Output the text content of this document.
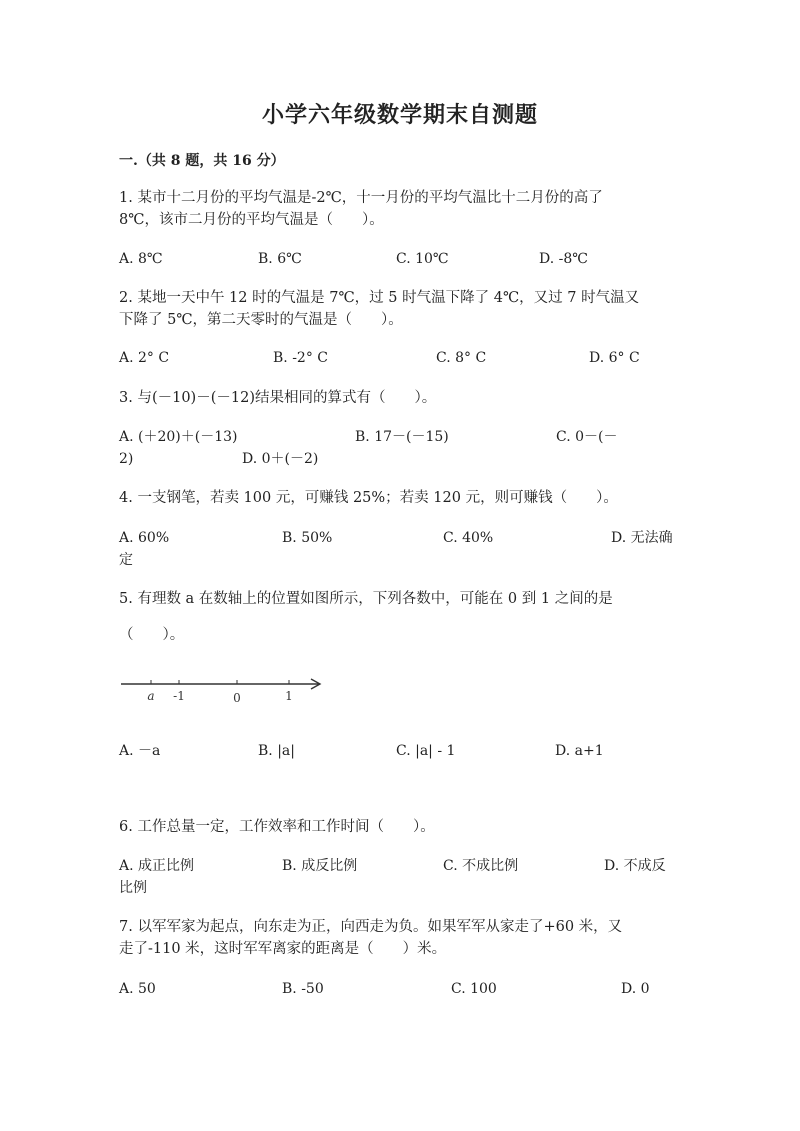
小学六年级数学期末自测题
一.（共 8 题，共 16 分）
1. 某市十二月份的平均气温是-2℃，十一月份的平均气温比十二月份的高了
8℃，该市二月份的平均气温是（　　）。
A. 8℃	B. 6℃	C. 10℃	D. -8℃
2. 某地一天中午 12 时的气温是 7℃，过 5 时气温下降了 4℃，又过 7 时气温又
下降了 5℃，第二天零时的气温是（　　）。
A. 2° C	B. -2° C	C. 8° C	D. 6° C
3. 与(－10)－(－12)结果相同的算式有（　　）。
A. (＋20)＋(－13)	B. 17－(－15)	C. 0－(－
2)	D. 0＋(－2)
4. 一支钢笔，若卖 100 元，可赚钱 25%；若卖 120 元，则可赚钱（　　）。
A. 60%	B. 50%	C. 40%	D. 无法确
定
5. 有理数 a 在数轴上的位置如图所示，下列各数中，可能在 0 到 1 之间的是
（　　）。
a -1	0	1
A. －a	B. |a|	C. |a| - 1	D. a+1
6. 工作总量一定，工作效率和工作时间（　　）。
A. 成正比例	B. 成反比例	C. 不成比例	D. 不成反
比例
7. 以军军家为起点，向东走为正，向西走为负。如果军军从家走了+60 米，又
走了-110 米，这时军军离家的距离是（　　）米。
A. 50	B. -50	C. 100	D. 0
